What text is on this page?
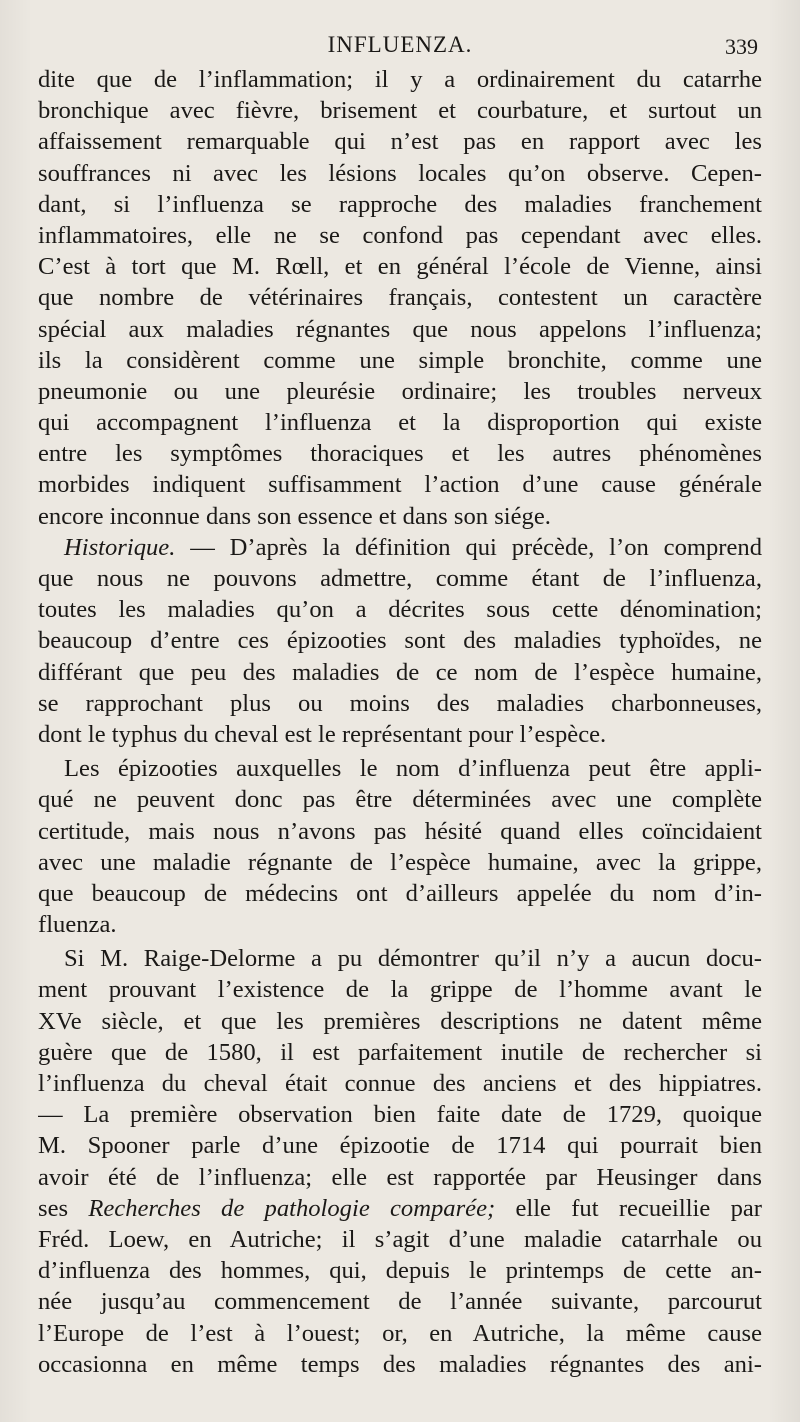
INFLUENZA.	339
dite que de l’inflammation; il y a ordinairement du catarrhe
bronchique avec fièvre, brisement et courbature, et surtout un
affaissement remarquable qui n’est pas en rapport avec les
souffrances ni avec les lésions locales qu’on observe. Cepen-
dant, si l’influenza se rapproche des maladies franchement
inflammatoires, elle ne se confond pas cependant avec elles.
C’est à tort que M. Rœll, et en général l’école de Vienne, ainsi
que nombre de vétérinaires français, contestent un caractère
spécial aux maladies régnantes que nous appelons l’influenza;
ils la considèrent comme une simple bronchite, comme une
pneumonie ou une pleurésie ordinaire; les troubles nerveux
qui accompagnent l’influenza et la disproportion qui existe
entre les symptômes thoraciques et les autres phénomènes
morbides indiquent suffisamment l’action d’une cause générale
encore inconnue dans son essence et dans son siége.
Historique. — D’après la définition qui précède, l’on comprend
que nous ne pouvons admettre, comme étant de l’influenza,
toutes les maladies qu’on a décrites sous cette dénomination;
beaucoup d’entre ces épizooties sont des maladies typhoïdes, ne
différant que peu des maladies de ce nom de l’espèce humaine,
se rapprochant plus ou moins des maladies charbonneuses,
dont le typhus du cheval est le représentant pour l’espèce.
Les épizooties auxquelles le nom d’influenza peut être appli-
qué ne peuvent donc pas être déterminées avec une complète
certitude, mais nous n’avons pas hésité quand elles coïncidaient
avec une maladie régnante de l’espèce humaine, avec la grippe,
que beaucoup de médecins ont d’ailleurs appelée du nom d’in-
fluenza.
Si M. Raige-Delorme a pu démontrer qu’il n’y a aucun docu-
ment prouvant l’existence de la grippe de l’homme avant le
XVe siècle, et que les premières descriptions ne datent même
guère que de 1580, il est parfaitement inutile de rechercher si
l’influenza du cheval était connue des anciens et des hippiatres.
— La première observation bien faite date de 1729, quoique
M. Spooner parle d’une épizootie de 1714 qui pourrait bien
avoir été de l’influenza; elle est rapportée par Heusinger dans
ses Recherches de pathologie comparée; elle fut recueillie par
Fréd. Loew, en Autriche; il s’agit d’une maladie catarrhale ou
d’influenza des hommes, qui, depuis le printemps de cette an-
née jusqu’au commencement de l’année suivante, parcourut
l’Europe de l’est à l’ouest; or, en Autriche, la même cause
occasionna en même temps des maladies régnantes des ani-
